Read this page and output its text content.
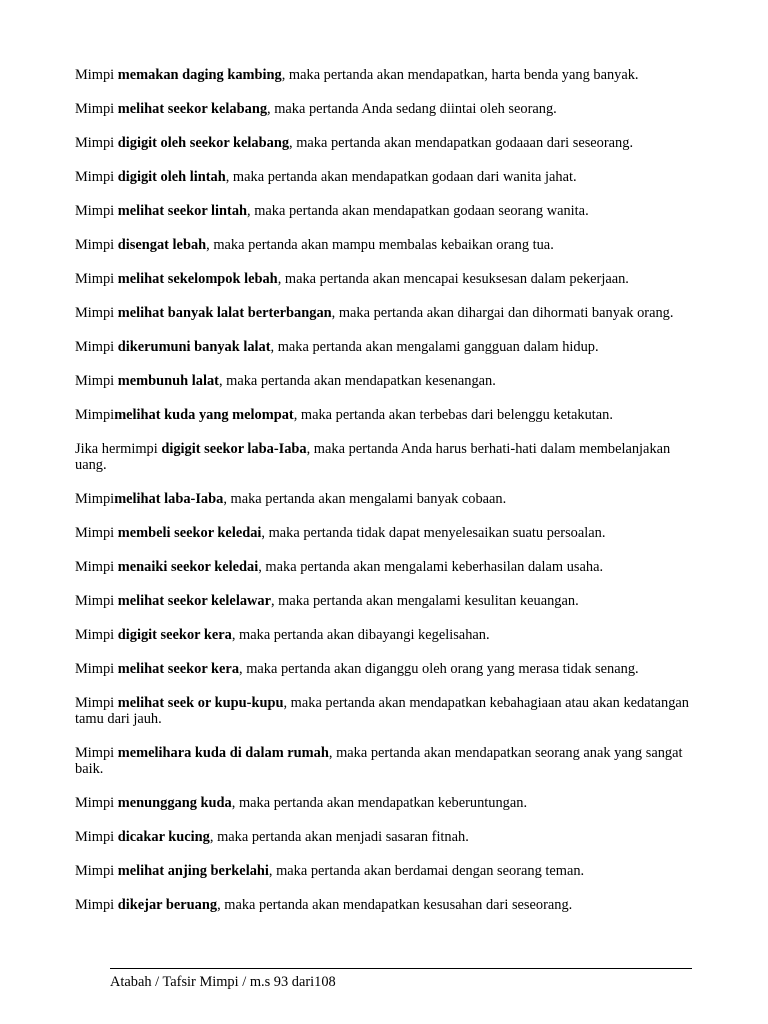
Mimpi memakan daging kambing, maka pertanda akan mendapatkan, harta benda yang banyak.

Mimpi melihat seekor kelabang, maka pertanda Anda sedang diintai oleh seorang.

Mimpi digigit oleh seekor kelabang, maka pertanda akan mendapatkan godaaan dari seseorang.

Mimpi digigit oleh lintah, maka pertanda akan mendapatkan godaan dari wanita jahat.

Mimpi melihat seekor lintah, maka pertanda akan mendapatkan godaan seorang wanita.

Mimpi disengat lebah, maka pertanda akan mampu membalas kebaikan orang tua.

Mimpi melihat sekelompok lebah, maka pertanda akan mencapai kesuksesan dalam pekerjaan.

Mimpi melihat banyak lalat berterbangan, maka pertanda akan dihargai dan dihormati banyak orang.

Mimpi dikerumuni banyak lalat, maka pertanda akan mengalami gangguan dalam hidup.

Mimpi membunuh lalat, maka pertanda akan mendapatkan kesenangan.

Mimpimelihat kuda yang melompat, maka pertanda akan terbebas dari belenggu ketakutan.

Jika hermimpi digigit seekor laba-Iaba, maka pertanda Anda harus berhati-hati dalam membelanjakan uang.

Mimpimelihat laba-Iaba, maka pertanda akan mengalami banyak cobaan.

Mimpi membeli seekor keledai, maka pertanda tidak dapat menyelesaikan suatu persoalan.

Mimpi menaiki seekor keledai, maka pertanda akan mengalami keberhasilan dalam usaha.

Mimpi melihat seekor kelelawar, maka pertanda akan mengalami kesulitan keuangan.

Mimpi digigit seekor kera, maka pertanda akan dibayangi kegelisahan.

Mimpi melihat seekor kera, maka pertanda akan diganggu oleh orang yang merasa tidak senang.

Mimpi melihat seek or kupu-kupu, maka pertanda akan mendapatkan kebahagiaan atau akan kedatangan tamu dari jauh.

Mimpi memelihara kuda di dalam rumah, maka pertanda akan mendapatkan seorang anak yang sangat baik.

Mimpi menunggang kuda, maka pertanda akan mendapatkan keberuntungan.

Mimpi dicakar kucing, maka pertanda akan menjadi sasaran fitnah.

Mimpi melihat anjing berkelahi, maka pertanda akan berdamai dengan seorang teman.

Mimpi dikejar beruang, maka pertanda akan mendapatkan kesusahan dari seseorang.

Atabah / Tafsir Mimpi / m.s 93 dari108
